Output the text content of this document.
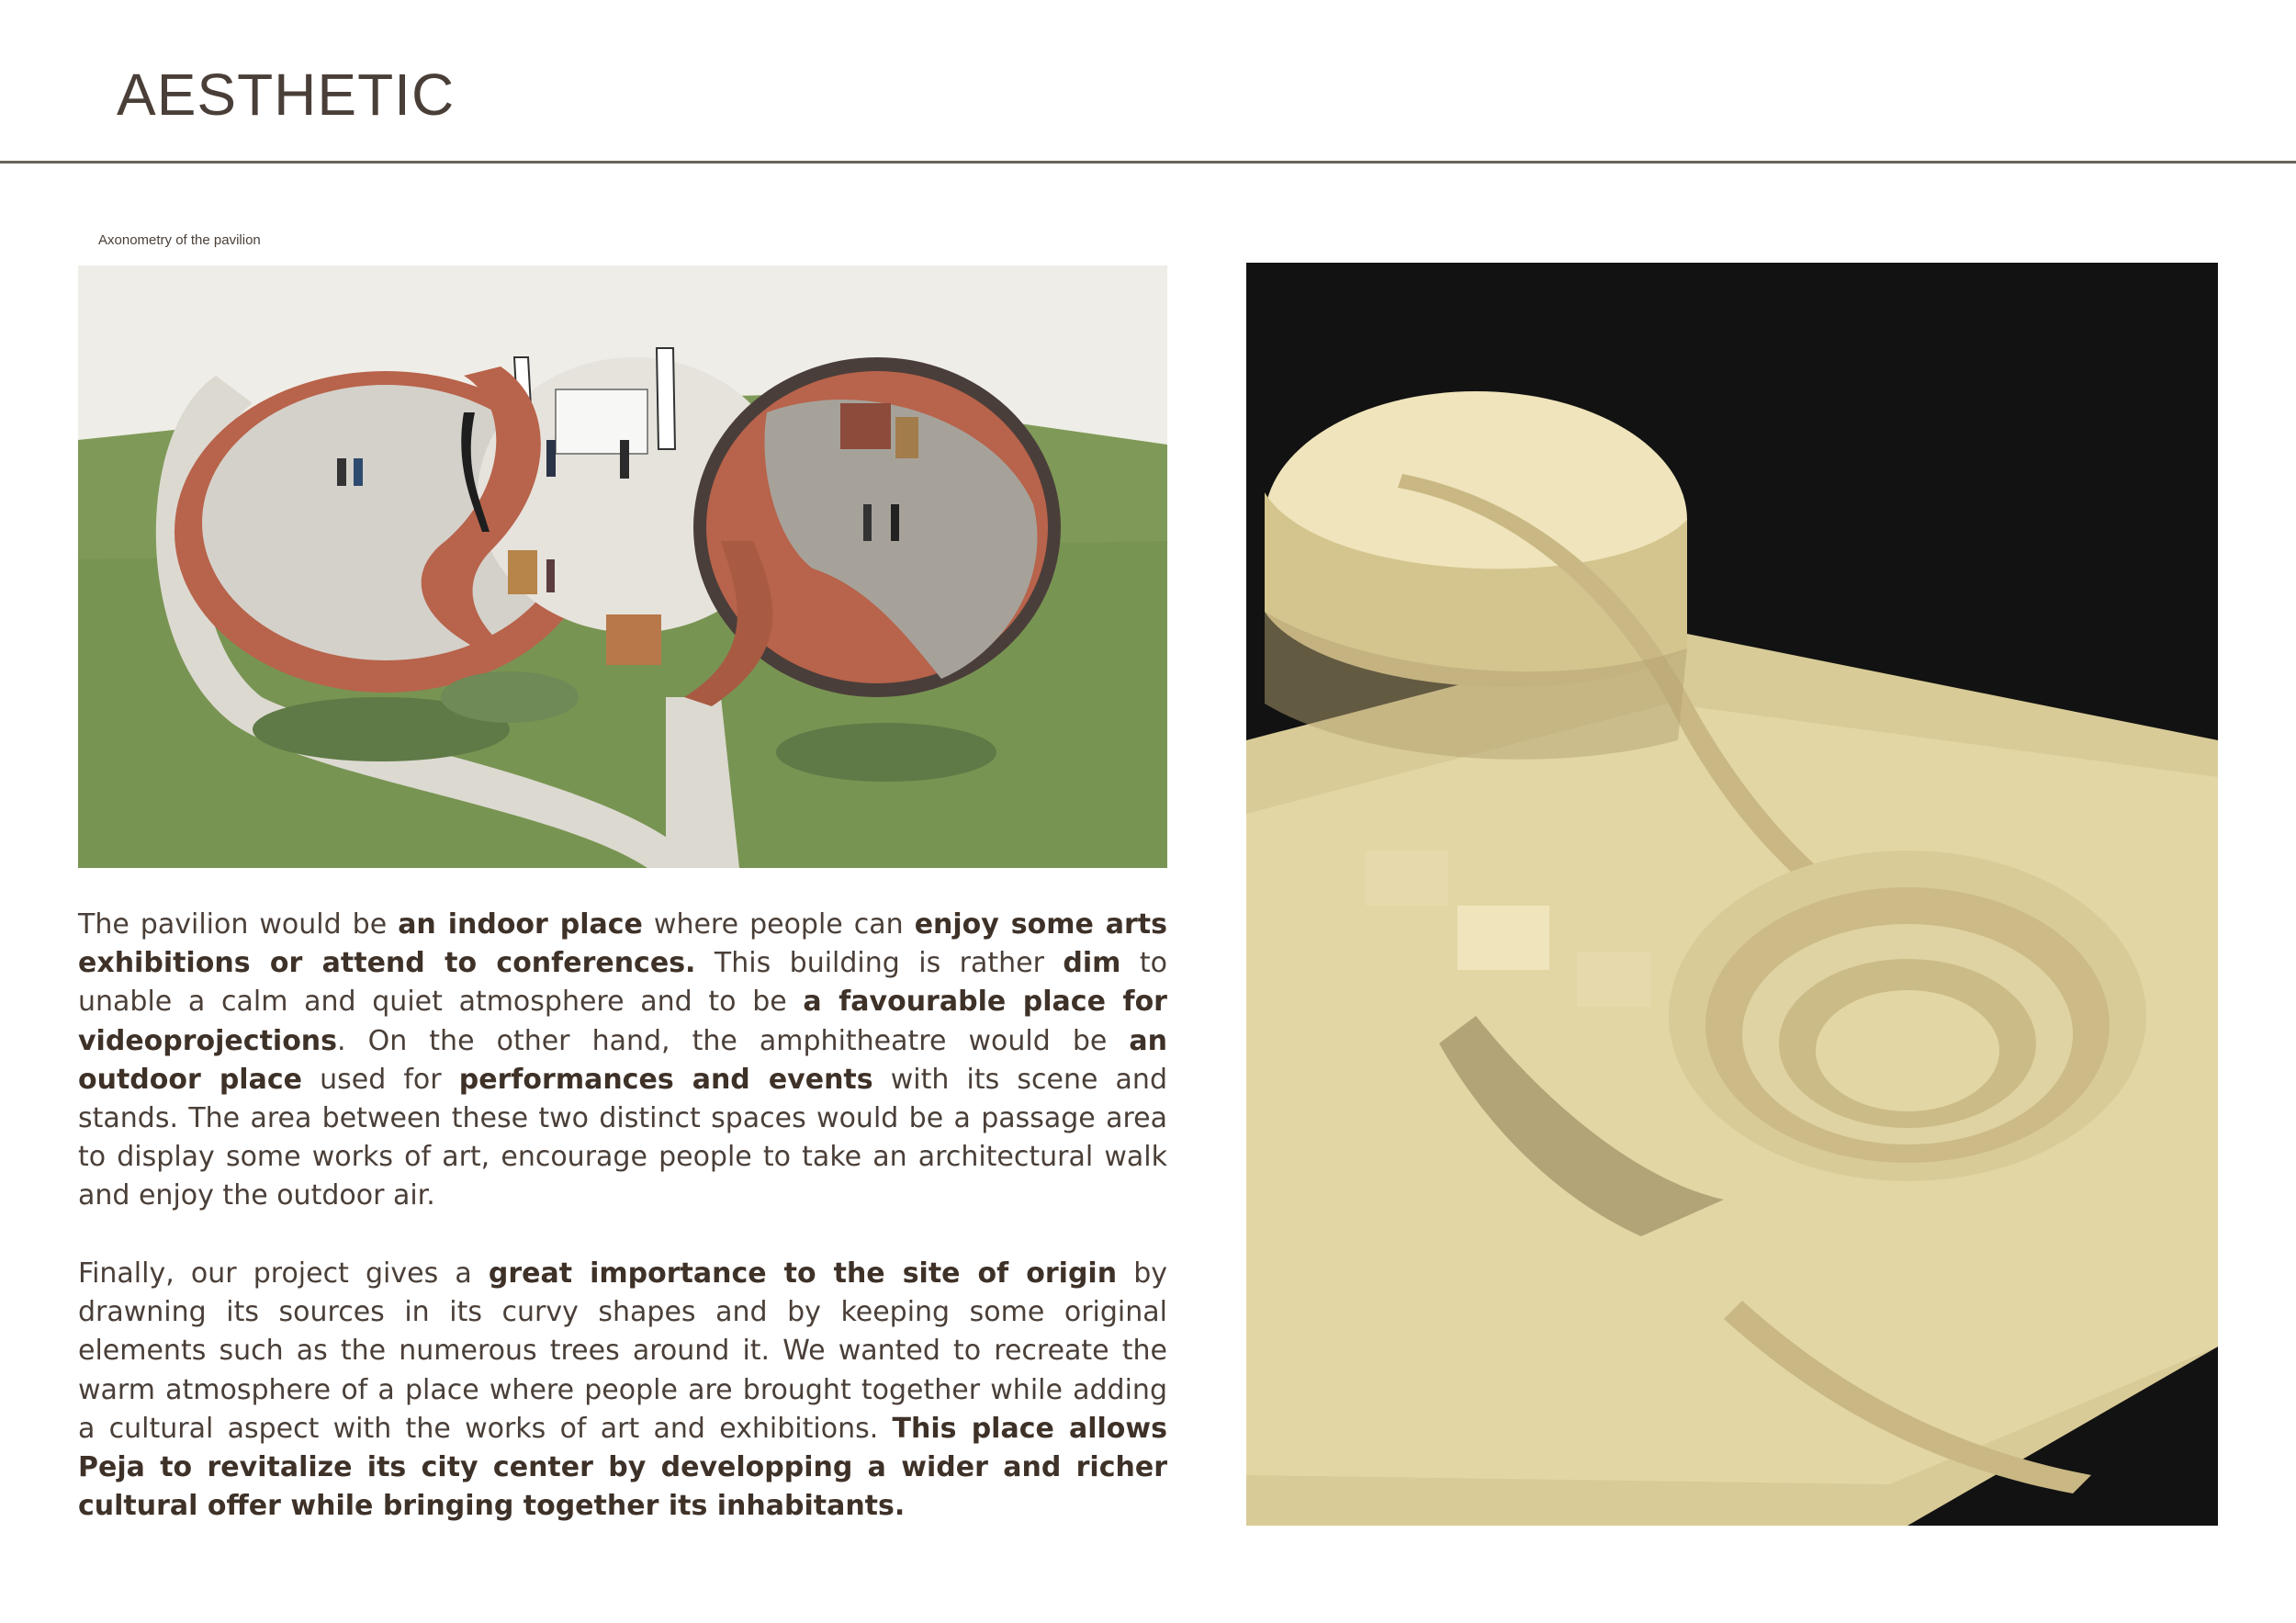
AESTHETIC
Axonometry of the pavilion

The pavilion would be an indoor place where people can enjoy some arts exhibitions or attend to conferences. This building is rather dim to unable a calm and quiet atmosphere and to be a favourable place for videoprojections. On the other hand, the amphitheatre would be an outdoor place used for performances and events with its scene and stands. The area between these two distinct spaces would be a passage area to display some works of art, encourage people to take an architectural walk and enjoy the outdoor air.

Finally, our project gives a great importance to the site of origin by drawning its sources in its curvy shapes and by keeping some original elements such as the numerous trees around it. We wanted to recreate the warm atmosphere of a place where people are brought together while adding a cultural aspect with the works of art and exhibitions. This place allows Peja to revitalize its city center by developping a wider and richer cultural offer while bringing together its inhabitants.
